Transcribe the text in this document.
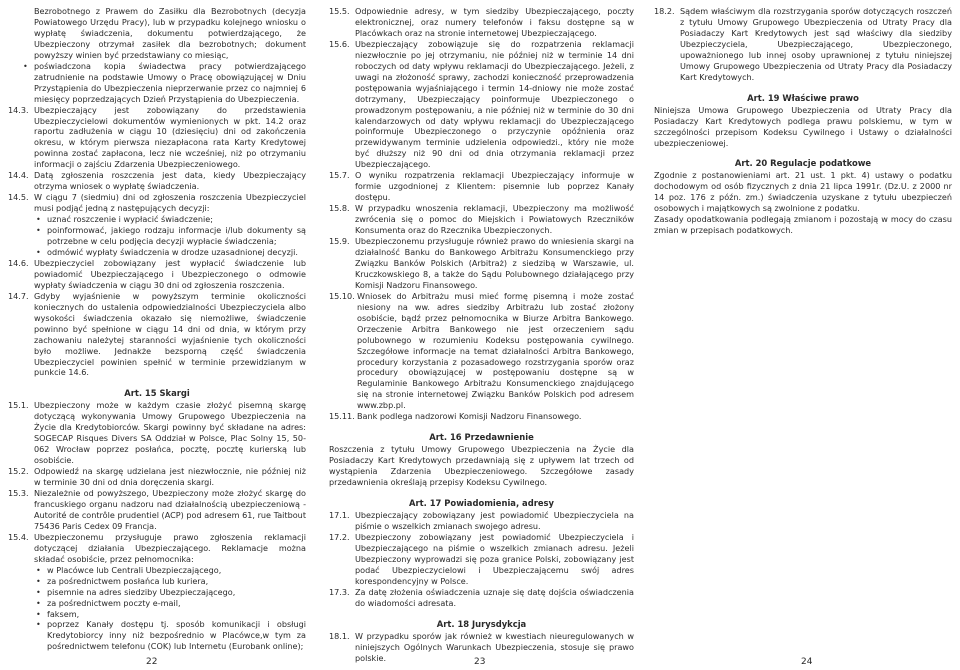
Bezrobotnego z Prawem do Zasiłku dla Bezrobotnych (decyzja Powiatowego Urzędu Pracy), lub w przypadku kolejnego wniosku o wypłatę świadczenia, dokumentu potwierdzającego, że Ubezpieczony otrzymał zasiłek dla bezrobotnych; dokument powyższy winien być przedstawiany co miesiąc,

• poświadczona kopia świadectwa pracy potwierdzającego zatrudnienie na podstawie Umowy o Pracę obowiązującej w Dniu Przystąpienia do Ubezpieczenia nieprzerwanie przez co najmniej 6 miesięcy poprzedzających Dzień Przystąpienia do Ubezpieczenia.

14.3. Ubezpieczający jest zobowiązany do przedstawienia Ubezpieczycielowi dokumentów wymienionych w pkt. 14.2 oraz raportu zadłużenia w ciągu 10 (dziesięciu) dni od zakończenia okresu, w którym pierwsza niezapłacona rata Karty Kredytowej powinna zostać zapłacona, lecz nie wcześniej, niż po otrzymaniu informacji o zajściu Zdarzenia Ubezpieczeniowego.
14.4. Datą zgłoszenia roszczenia jest data, kiedy Ubezpieczający otrzyma wniosek o wypłatę świadczenia.
14.5. W ciągu 7 (siedmiu) dni od zgłoszenia roszczenia Ubezpieczyciel musi podjąć jedną z następujących decyzji:

• uznać roszczenie i wypłacić świadczenie;

• poinformować, jakiego rodzaju informacje i/lub dokumenty są potrzebne w celu podjęcia decyzji wypłacie świadczenia;

• odmówić wypłaty świadczenia w drodze uzasadnionej decyzji.

14.6. Ubezpieczyciel zobowiązany jest wypłacić świadczenie lub powiadomić Ubezpieczającego i Ubezpieczonego o odmowie wypłaty świadczenia w ciągu 30 dni od zgłoszenia roszczenia.
14.7. Gdyby wyjaśnienie w powyższym terminie okoliczności koniecznych do ustalenia odpowiedzialności Ubezpieczyciela albo wysokości świadczenia okazało się niemożliwe, świadczenie powinno być spełnione w ciągu 14 dni od dnia, w którym przy zachowaniu należytej staranności wyjaśnienie tych okoliczności było możliwe. Jednakże bezsporną część świadczenia Ubezpieczyciel powinien spełnić w terminie przewidzianym w punkcie 14.6.
Art. 15 Skargi
15.1. Ubezpieczony może w każdym czasie złożyć pisemną skargę dotyczącą wykonywania Umowy Grupowego Ubezpieczenia na Życie dla Kredytobiorców. Skargi powinny być składane na adres: SOGECAP Risques Divers SA Oddział w Polsce, Plac Solny 15, 50-062 Wrocław poprzez posłańca, pocztę, pocztę kurierską lub osobiście.
15.2. Odpowiedź na skargę udzielana jest niezwłocznie, nie później niż w terminie 30 dni od dnia doręczenia skargi.
15.3. Niezależnie od powyższego, Ubezpieczony może złożyć skargę do francuskiego organu nadzoru nad działalnością ubezpieczeniową - Autorité de contrôle prudentiel (ACP) pod adresem 61, rue Taitbout 75436 Paris Cedex 09 Francja.
15.4. Ubezpieczonemu przysługuje prawo zgłoszenia reklamacji dotyczącej działania Ubezpieczającego. Reklamacje można składać osobiście, przez pełnomocnika:

• w Placówce lub Centrali Ubezpieczającego,

• za pośrednictwem posłańca lub kuriera,

• pisemnie na adres siedziby Ubezpieczającego,

• za pośrednictwem poczty e-mail,

• faksem,

• poprzez Kanały dostępu tj. sposób komunikacji i obsługi Kredytobiorcy inny niż bezpośrednio w Placówce,w tym za pośrednictwem telefonu (COK) lub Internetu (Eurobank online);

15.5. Odpowiednie adresy, w tym siedziby Ubezpieczającego, poczty elektronicznej, oraz numery telefonów i faksu dostępne są w Placówkach oraz na stronie internetowej Ubezpieczającego.
15.6. Ubezpieczający zobowiązuje się do rozpatrzenia reklamacji niezwłocznie po jej otrzymaniu, nie później niż w terminie 14 dni roboczych od daty wpływu reklamacji do Ubezpieczającego. Jeżeli, z uwagi na złożoność sprawy, zachodzi konieczność przeprowadzenia postępowania wyjaśniającego i termin 14-dniowy nie może zostać dotrzymany, Ubezpieczający poinformuje Ubezpieczonego o prowadzonym postępowaniu, a nie później niż w terminie do 30 dni kalendarzowych od daty wpływu reklamacji do Ubezpieczającego poinformuje Ubezpieczonego o przyczynie opóźnienia oraz przewidywanym terminie udzielenia odpowiedzi., który nie może być dłuższy niż 90 dni od dnia otrzymania reklamacji przez Ubezpieczającego.
15.7. O wyniku rozpatrzenia reklamacji Ubezpieczający informuje w formie uzgodnionej z Klientem: pisemnie lub poprzez Kanały dostępu.
15.8. W przypadku wnoszenia reklamacji, Ubezpieczony ma możliwość zwrócenia się o pomoc do Miejskich i Powiatowych Rzeczników Konsumenta oraz do Rzecznika Ubezpieczonych.
15.9. Ubezpieczonemu przysługuje również prawo do wniesienia skargi na działalność Banku do Bankowego Arbitrażu Konsumenckiego przy Związku Banków Polskich (Arbitraż) z siedzibą w Warszawie, ul. Kruczkowskiego 8, a także do Sądu Polubownego działającego przy Komisji Nadzoru Finansowego.
15.10. Wniosek do Arbitrażu musi mieć formę pisemną i może zostać niesiony na ww. adres siedziby Arbitrażu lub zostać złożony osobiście, bądź przez pełnomocnika w Biurze Arbitra Bankowego. Orzeczenie Arbitra Bankowego nie jest orzeczeniem sądu polubownego w rozumieniu Kodeksu postępowania cywilnego. Szczegółowe informacje na temat działalności Arbitra Bankowego, procedury korzystania z pozasadowego rozstrzygania sporów oraz procedury obowiązującej w postępowaniu dostępne są w Regulaminie Bankowego Arbitrażu Konsumenckiego znajdującego się na stronie internetowej Związku Banków Polskich pod adresem www.zbp.pl.
15.11. Bank podlega nadzorowi Komisji Nadzoru Finansowego.
Art. 16 Przedawnienie

Roszczenia z tytułu Umowy Grupowego Ubezpieczenia na Życie dla Posiadaczy Kart Kredytowych przedawniają się z upływem lat trzech od wystąpienia Zdarzenia Ubezpieczeniowego. Szczegółowe zasady przedawnienia określają przepisy Kodeksu Cywilnego.

Art. 17 Powiadomienia, adresy
17.1. Ubezpieczający zobowiązany jest powiadomić Ubezpieczyciela na piśmie o wszelkich zmianach swojego adresu.
17.2. Ubezpieczony zobowiązany jest powiadomić Ubezpieczyciela i Ubezpieczającego na piśmie o wszelkich zmianach adresu. Jeżeli Ubezpieczony wyprowadzi się poza granice Polski, zobowiązany jest podać Ubezpieczycielowi i Ubezpieczającemu swój adres korespondencyjny w Polsce.
17.3. Za datę złożenia oświadczenia uznaje się datę dojścia oświadczenia do wiadomości adresata.
Art. 18 Jurysdykcja
18.1. W przypadku sporów jak również w kwestiach nieuregulowanych w niniejszych Ogólnych Warunkach Ubezpieczenia, stosuje się prawo polskie.
18.2. Sądem właściwym dla rozstrzygania sporów dotyczących roszczeń z tytułu Umowy Grupowego Ubezpieczenia od Utraty Pracy dla Posiadaczy Kart Kredytowych jest sąd właściwy dla siedziby Ubezpieczyciela, Ubezpieczającego, Ubezpieczonego, upoważnionego lub innej osoby uprawnionej z tytułu niniejszej Umowy Grupowego Ubezpieczenia od Utraty Pracy dla Posiadaczy Kart Kredytowych.
Art. 19 Właściwe prawo

Niniejsza Umowa Grupowego Ubezpieczenia od Utraty Pracy dla Posiadaczy Kart Kredytowych podlega prawu polskiemu, w tym w szczególności przepisom Kodeksu Cywilnego i Ustawy o działalności ubezpieczeniowej.

Art. 20 Regulacje podatkowe

Zgodnie z postanowieniami art. 21 ust. 1 pkt. 4) ustawy o podatku dochodowym od osób fizycznych z dnia 21 lipca 1991r. (Dz.U. z 2000 nr 14 poz. 176 z późn. zm.) świadczenia uzyskane z tytułu ubezpieczeń osobowych i majątkowych są zwolnione z podatku.

Zasady opodatkowania podlegają zmianom i pozostają w mocy do czasu zmian w przepisach podatkowych.

22	23	24
